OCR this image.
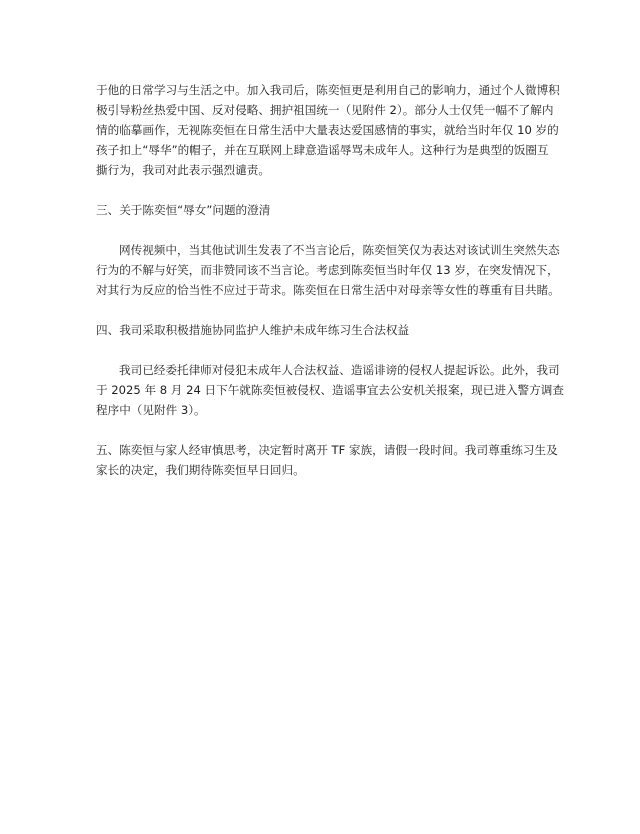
于他的日常学习与生活之中。加入我司后，陈奕恒更是利用自己的影响力，通过个人微博积
极引导粉丝热爱中国、反对侵略、拥护祖国统一（见附件 2）。部分人士仅凭一幅不了解内
情的临摹画作，无视陈奕恒在日常生活中大量表达爱国感情的事实，就给当时年仅 10 岁的
孩子扣上“辱华”的帽子，并在互联网上肆意造谣辱骂未成年人。这种行为是典型的饭圈互
撕行为，我司对此表示强烈谴责。

三、关于陈奕恒“辱女”问题的澄清

网传视频中，当其他试训生发表了不当言论后，陈奕恒笑仅为表达对该试训生突然失态
行为的不解与好笑，而非赞同该不当言论。考虑到陈奕恒当时年仅 13 岁，在突发情况下，
对其行为反应的恰当性不应过于苛求。陈奕恒在日常生活中对母亲等女性的尊重有目共睹。

四、我司采取积极措施协同监护人维护未成年练习生合法权益

我司已经委托律师对侵犯未成年人合法权益、造谣诽谤的侵权人提起诉讼。此外，我司
于 2025 年 8 月 24 日下午就陈奕恒被侵权、造谣事宜去公安机关报案，现已进入警方调查
程序中（见附件 3）。

五、陈奕恒与家人经审慎思考，决定暂时离开 TF 家族，请假一段时间。我司尊重练习生及
家长的决定，我们期待陈奕恒早日回归。
